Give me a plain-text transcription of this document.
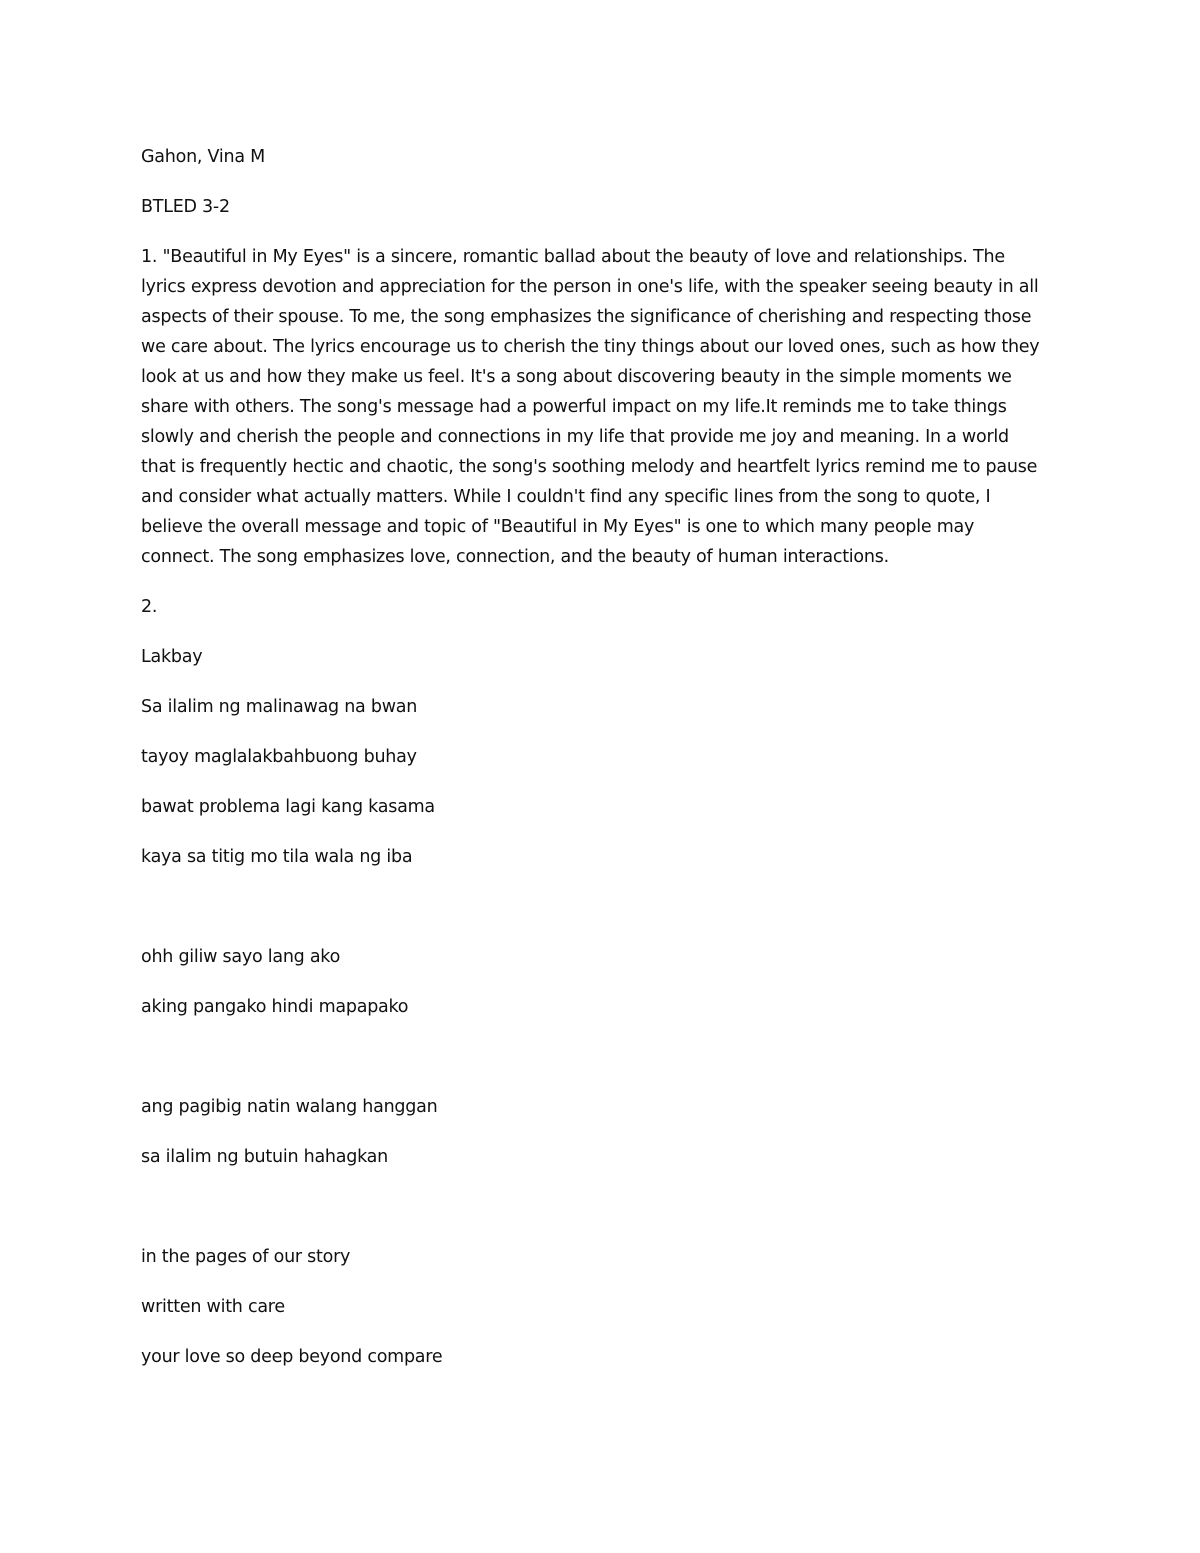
Gahon, Vina M

BTLED 3-2

1. "Beautiful in My Eyes" is a sincere, romantic ballad about the beauty of love and relationships. The

lyrics express devotion and appreciation for the person in one's life, with the speaker seeing beauty in all

aspects of their spouse. To me, the song emphasizes the significance of cherishing and respecting those

we care about. The lyrics encourage us to cherish the tiny things about our loved ones, such as how they

look at us and how they make us feel. It's a song about discovering beauty in the simple moments we

share with others. The song's message had a powerful impact on my life.It reminds me to take things

slowly and cherish the people and connections in my life that provide me joy and meaning. In a world

that is frequently hectic and chaotic, the song's soothing melody and heartfelt lyrics remind me to pause

and consider what actually matters. While I couldn't find any specific lines from the song to quote, I

believe the overall message and topic of "Beautiful in My Eyes" is one to which many people may

connect. The song emphasizes love, connection, and the beauty of human interactions.

2.

Lakbay

Sa ilalim ng malinawag na bwan

tayoy maglalakbahbuong buhay

bawat problema lagi kang kasama

kaya sa titig mo tila wala ng iba

ohh giliw sayo lang ako

aking pangako hindi mapapako

ang pagibig natin walang hanggan

sa ilalim ng butuin hahagkan

in the pages of our story

written with care

your love so deep beyond compare
